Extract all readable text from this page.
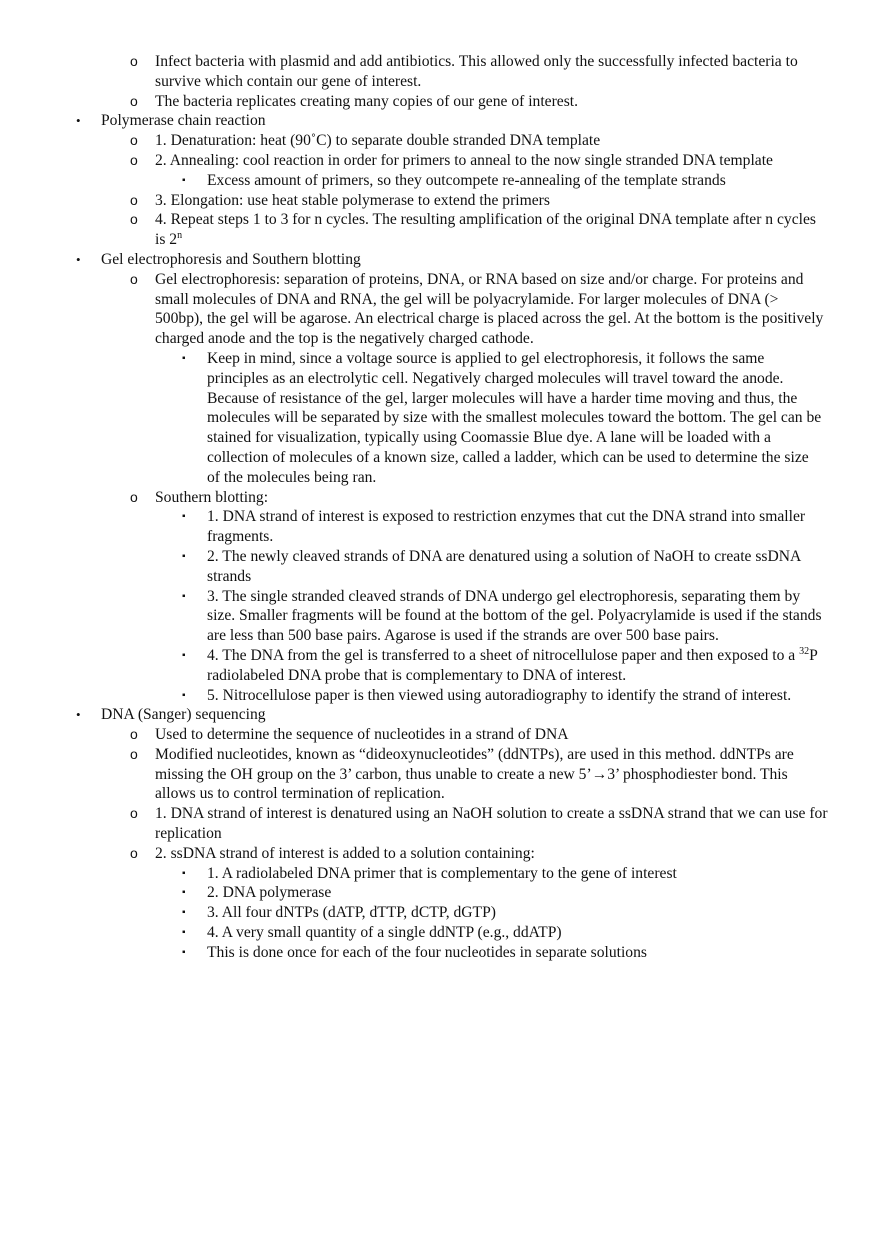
o Infect bacteria with plasmid and add antibiotics. This allowed only the successfully infected bacteria to survive which contain our gene of interest.
o The bacteria replicates creating many copies of our gene of interest.
• Polymerase chain reaction
o 1. Denaturation: heat (90˚C) to separate double stranded DNA template
o 2. Annealing: cool reaction in order for primers to anneal to the now single stranded DNA template
▪ Excess amount of primers, so they outcompete re-annealing of the template strands
o 3. Elongation: use heat stable polymerase to extend the primers
o 4. Repeat steps 1 to 3 for n cycles. The resulting amplification of the original DNA template after n cycles is 2$^n$
• Gel electrophoresis and Southern blotting
o Gel electrophoresis: separation of proteins, DNA, or RNA based on size and/or charge. For proteins and small molecules of DNA and RNA, the gel will be polyacrylamide. For larger molecules of DNA (> 500bp), the gel will be agarose. An electrical charge is placed across the gel. At the bottom is the positively charged anode and the top is the negatively charged cathode.
▪ Keep in mind, since a voltage source is applied to gel electrophoresis, it follows the same principles as an electrolytic cell. Negatively charged molecules will travel toward the anode. Because of resistance of the gel, larger molecules will have a harder time moving and thus, the molecules will be separated by size with the smallest molecules toward the bottom. The gel can be stained for visualization, typically using Coomassie Blue dye. A lane will be loaded with a collection of molecules of a known size, called a ladder, which can be used to determine the size of the molecules being ran.
o Southern blotting:
▪ 1. DNA strand of interest is exposed to restriction enzymes that cut the DNA strand into smaller fragments.
▪ 2. The newly cleaved strands of DNA are denatured using a solution of NaOH to create ssDNA strands
▪ 3. The single stranded cleaved strands of DNA undergo gel electrophoresis, separating them by size. Smaller fragments will be found at the bottom of the gel. Polyacrylamide is used if the stands are less than 500 base pairs. Agarose is used if the strands are over 500 base pairs.
▪ 4. The DNA from the gel is transferred to a sheet of nitrocellulose paper and then exposed to a $^{32}$P radiolabeled DNA probe that is complementary to DNA of interest.
▪ 5. Nitrocellulose paper is then viewed using autoradiography to identify the strand of interest.
• DNA (Sanger) sequencing
o Used to determine the sequence of nucleotides in a strand of DNA
o Modified nucleotides, known as “dideoxynucleotides” (ddNTPs), are used in this method. ddNTPs are missing the OH group on the 3’ carbon, thus unable to create a new 5’→3’ phosphodiester bond. This allows us to control termination of replication.
o 1. DNA strand of interest is denatured using an NaOH solution to create a ssDNA strand that we can use for replication
o 2. ssDNA strand of interest is added to a solution containing:
▪ 1. A radiolabeled DNA primer that is complementary to the gene of interest
▪ 2. DNA polymerase
▪ 3. All four dNTPs (dATP, dTTP, dCTP, dGTP)
▪ 4. A very small quantity of a single ddNTP (e.g., ddATP)
▪ This is done once for each of the four nucleotides in separate solutions
